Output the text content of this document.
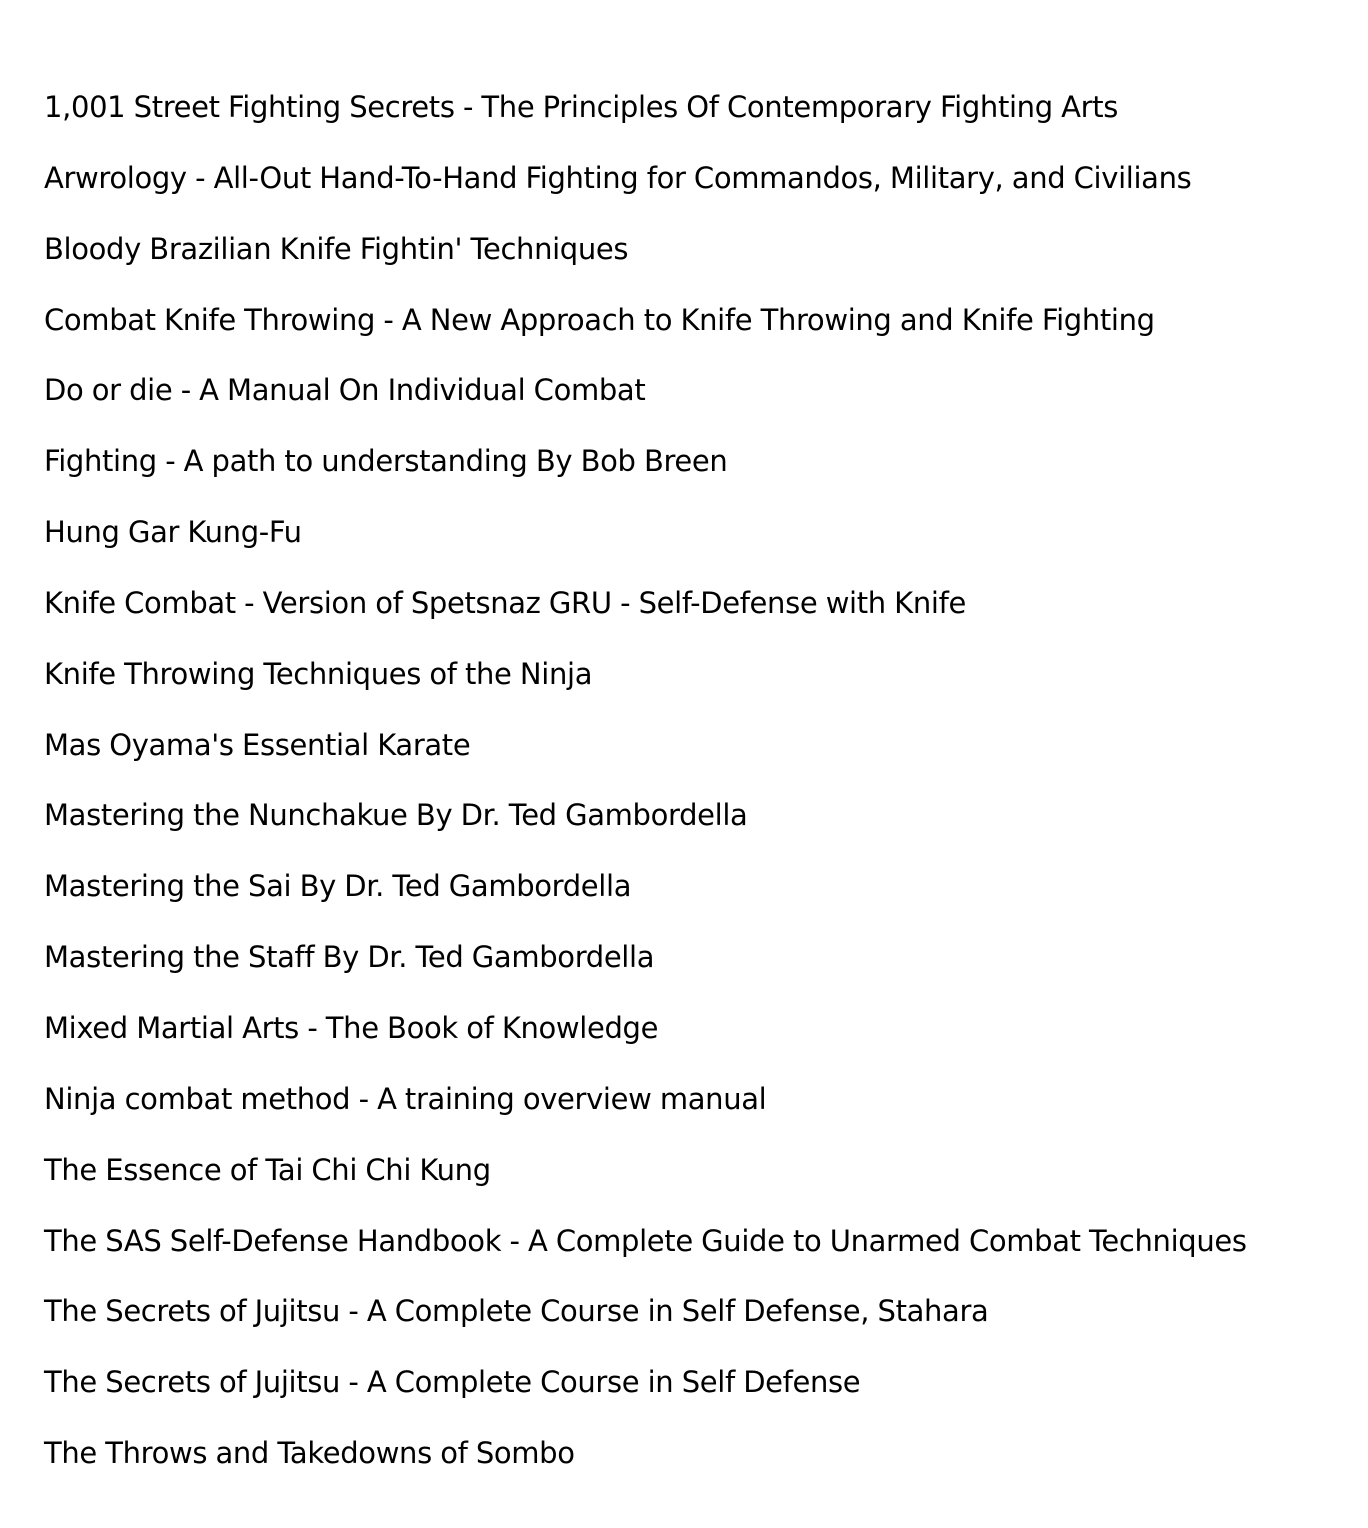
1,001 Street Fighting Secrets - The Principles Of Contemporary Fighting Arts
Arwrology - All-Out Hand-To-Hand Fighting for Commandos, Military, and Civilians
Bloody Brazilian Knife Fightin' Techniques
Combat Knife Throwing - A New Approach to Knife Throwing and Knife Fighting
Do or die - A Manual On Individual Combat
Fighting - A path to understanding By Bob Breen
Hung Gar Kung-Fu
Knife Combat - Version of Spetsnaz GRU - Self-Defense with Knife
Knife Throwing Techniques of the Ninja
Mas Oyama's Essential Karate
Mastering the Nunchakue By Dr. Ted Gambordella
Mastering the Sai By Dr. Ted Gambordella
Mastering the Staff By Dr. Ted Gambordella
Mixed Martial Arts - The Book of Knowledge
Ninja combat method - A training overview manual
The Essence of Tai Chi Chi Kung
The SAS Self-Defense Handbook - A Complete Guide to Unarmed Combat Techniques
The Secrets of Jujitsu - A Complete Course in Self Defense, Stahara
The Secrets of Jujitsu - A Complete Course in Self Defense
The Throws and Takedowns of Sombo
